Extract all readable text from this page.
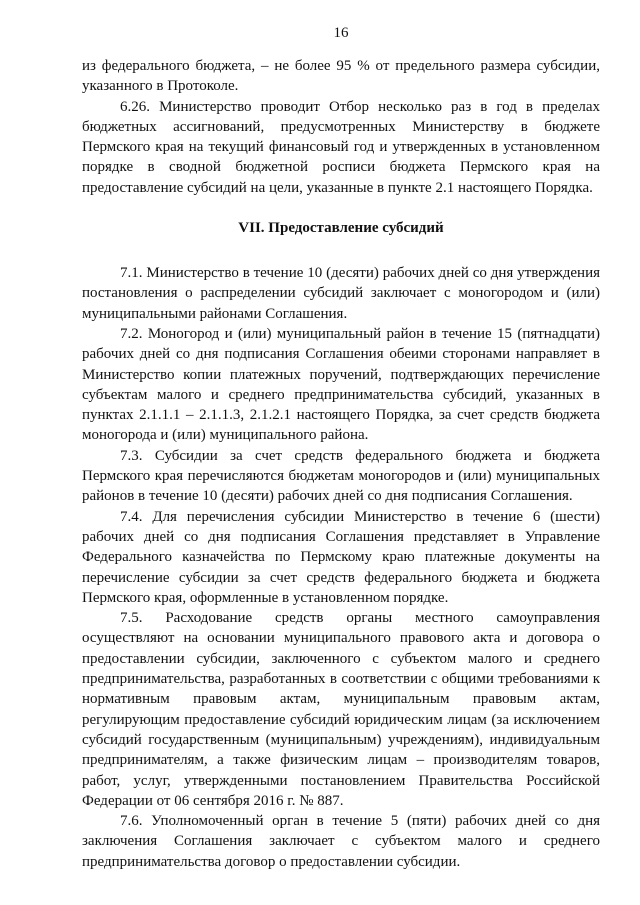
16

из федерального бюджета, – не более 95 % от предельного размера субсидии, указанного в Протоколе.

6.26. Министерство проводит Отбор несколько раз в год в пределах бюджетных ассигнований, предусмотренных Министерству в бюджете Пермского края на текущий финансовый год и утвержденных в установленном порядке в сводной бюджетной росписи бюджета Пермского края на предоставление субсидий на цели, указанные в пункте 2.1 настоящего Порядка.

VII. Предоставление субсидий

7.1. Министерство в течение 10 (десяти) рабочих дней со дня утверждения постановления о распределении субсидий заключает с моногородом и (или) муниципальными районами Соглашения.

7.2. Моногород и (или) муниципальный район в течение 15 (пятнадцати) рабочих дней со дня подписания Соглашения обеими сторонами направляет в Министерство копии платежных поручений, подтверждающих перечисление субъектам малого и среднего предпринимательства субсидий, указанных в пунктах 2.1.1.1 – 2.1.1.3, 2.1.2.1 настоящего Порядка, за счет средств бюджета моногорода и (или) муниципального района.

7.3. Субсидии за счет средств федерального бюджета и бюджета Пермского края перечисляются бюджетам моногородов и (или) муниципальных районов в течение 10 (десяти) рабочих дней со дня подписания Соглашения.

7.4. Для перечисления субсидии Министерство в течение 6 (шести) рабочих дней со дня подписания Соглашения представляет в Управление Федерального казначейства по Пермскому краю платежные документы на перечисление субсидии за счет средств федерального бюджета и бюджета Пермского края, оформленные в установленном порядке.

7.5. Расходование средств органы местного самоуправления осуществляют на основании муниципального правового акта и договора о предоставлении субсидии, заключенного с субъектом малого и среднего предпринимательства, разработанных в соответствии с общими требованиями к нормативным правовым актам, муниципальным правовым актам, регулирующим предоставление субсидий юридическим лицам (за исключением субсидий государственным (муниципальным) учреждениям), индивидуальным предпринимателям, а также физическим лицам – производителям товаров, работ, услуг, утвержденными постановлением Правительства Российской Федерации от 06 сентября 2016 г. № 887.

7.6. Уполномоченный орган в течение 5 (пяти) рабочих дней со дня заключения Соглашения заключает с субъектом малого и среднего предпринимательства договор о предоставлении субсидии.
